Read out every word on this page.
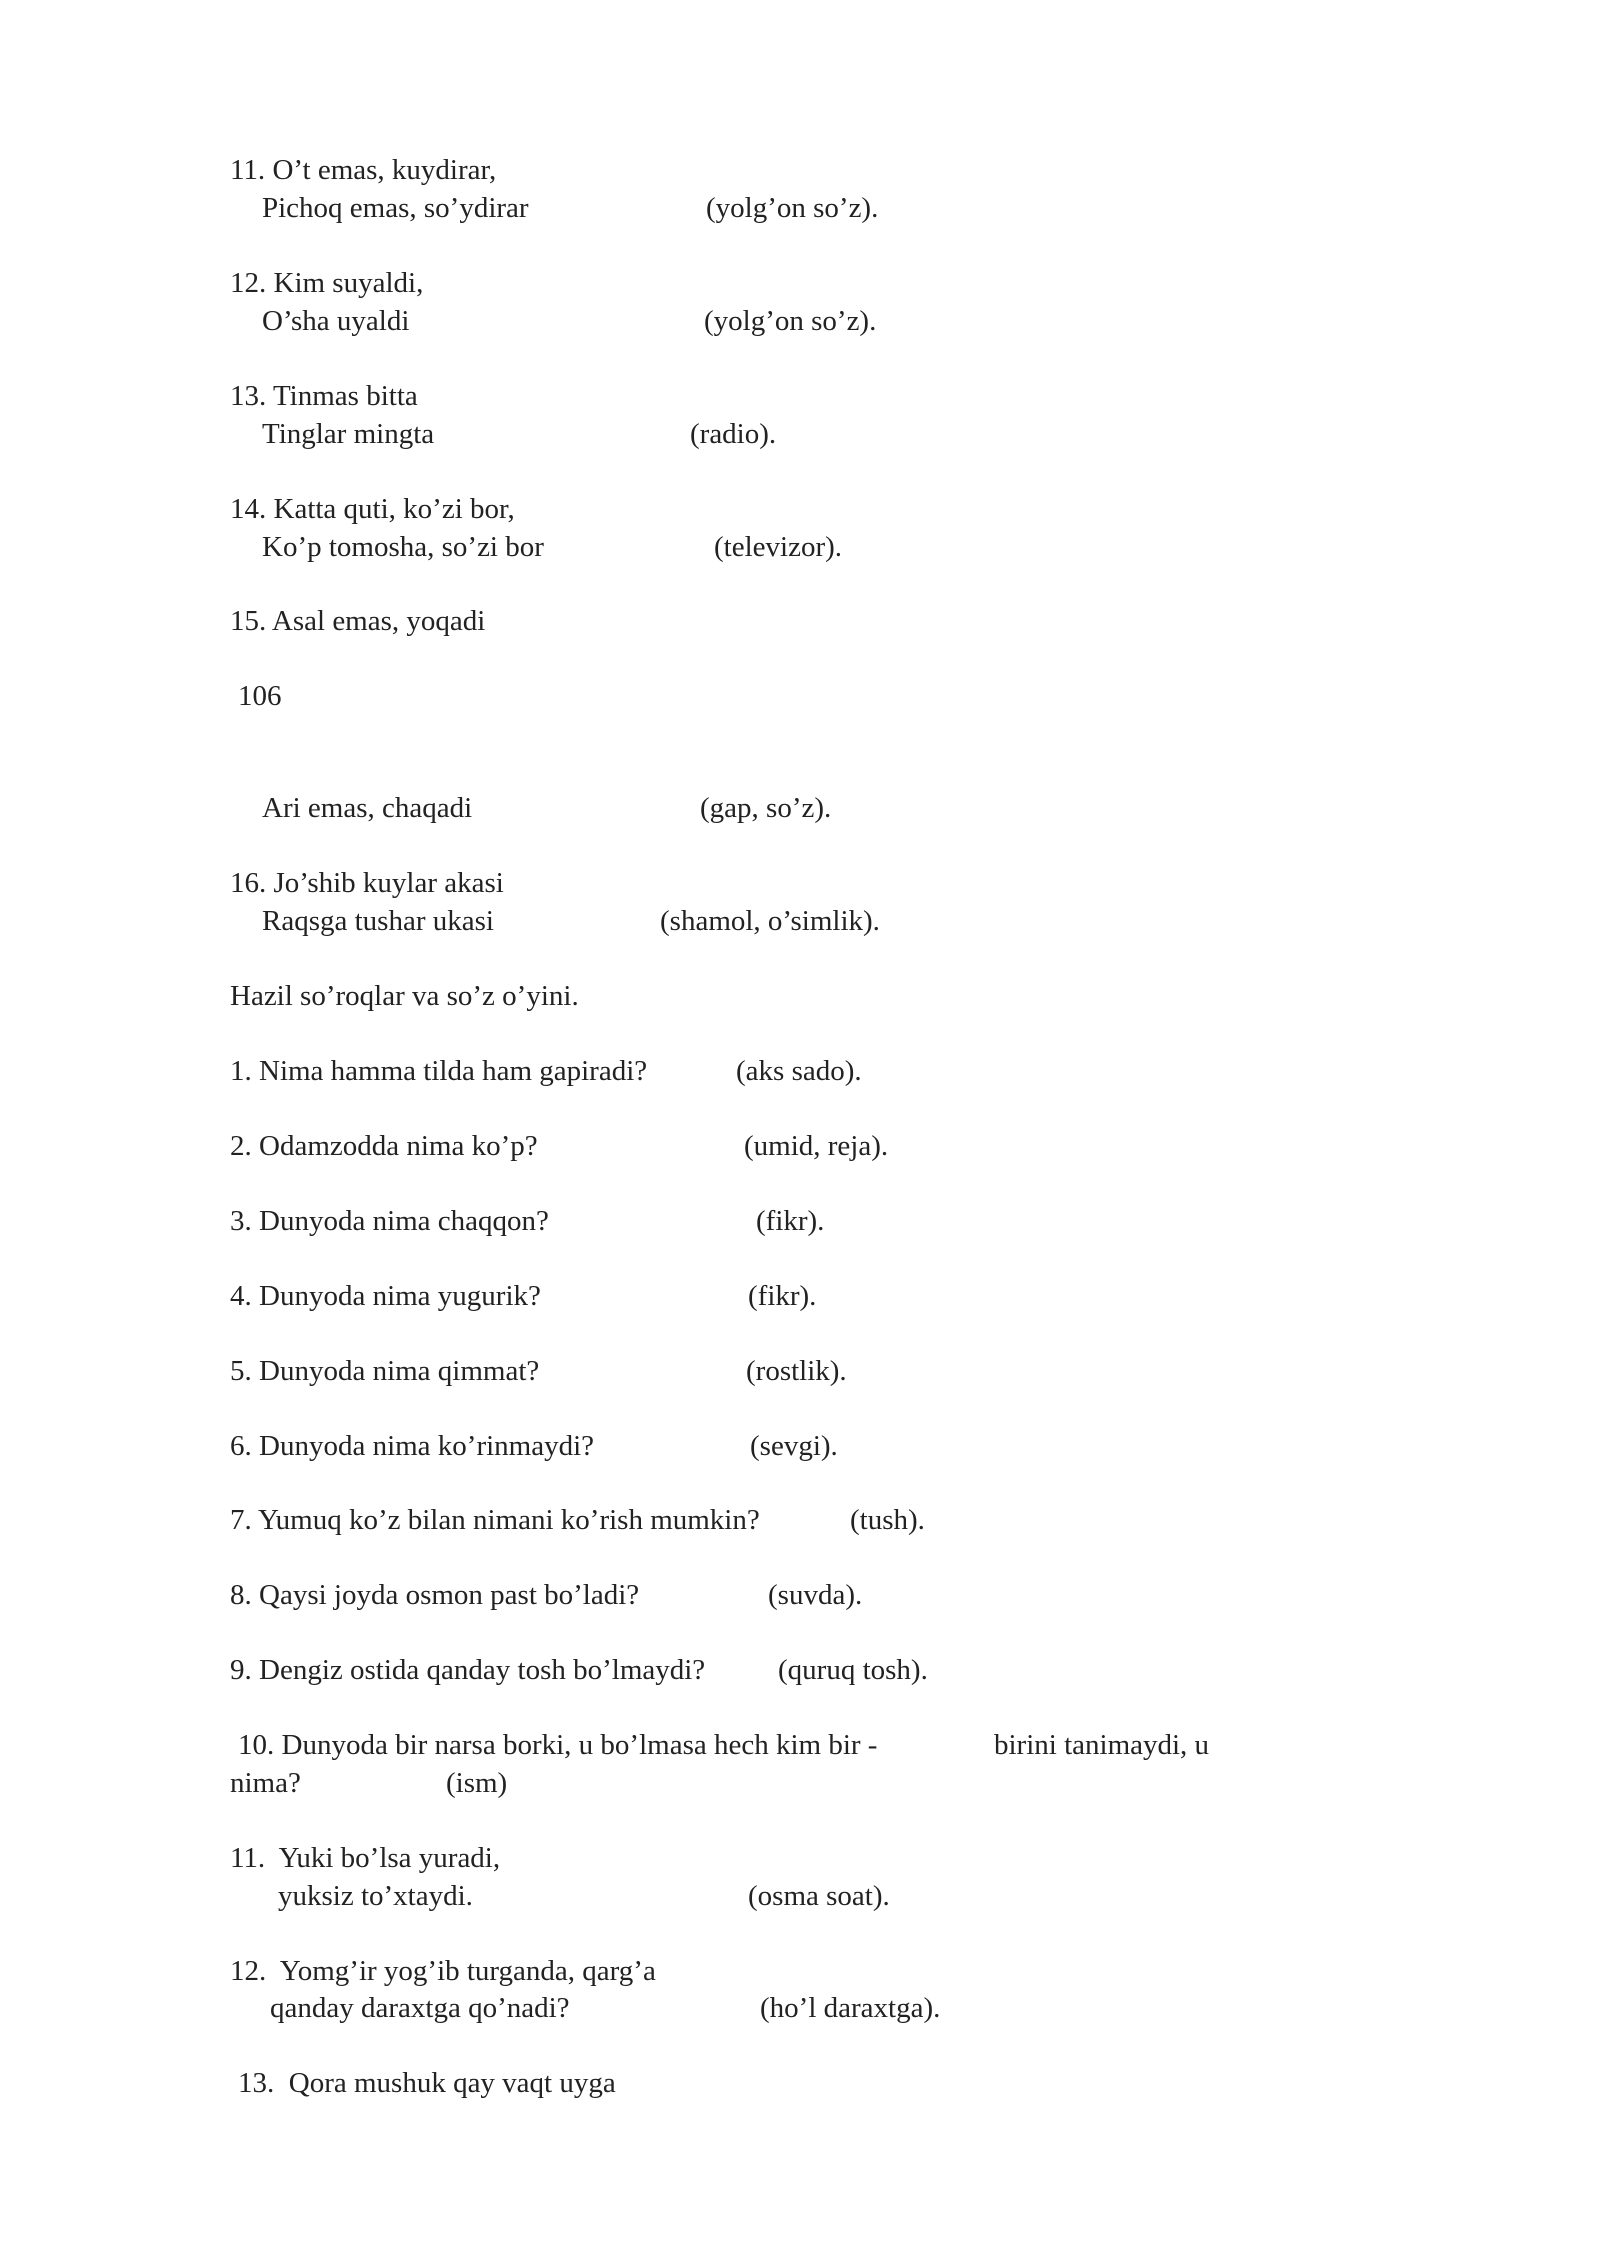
11. O’t emas, kuydirar,
Pichoq emas, so’ydirar	(yolg’on so’z).
12. Kim suyaldi,
O’sha uyaldi	(yolg’on so’z).
13. Tinmas bitta
Tinglar mingta	(radio).
14. Katta quti, ko’zi bor,
Ko’p tomosha, so’zi bor	(televizor).
15. Asal emas, yoqadi
106
Ari emas, chaqadi	(gap, so’z).
16. Jo’shib kuylar akasi
Raqsga tushar ukasi	(shamol, o’simlik).
Hazil so’roqlar va so’z o’yini.
1. Nima hamma tilda ham gapiradi?	(aks sado).
2. Odamzodda nima ko’p?	(umid, reja).
3. Dunyoda nima chaqqon?	(fikr).
4. Dunyoda nima yugurik?	(fikr).
5. Dunyoda nima qimmat?	(rostlik).
6. Dunyoda nima ko’rinmaydi?	(sevgi).
7. Yumuq ko’z bilan nimani ko’rish mumkin?	(tush).
8. Qaysi joyda osmon past bo’ladi?	(suvda).
9. Dengiz ostida qanday tosh bo’lmaydi?	(quruq tosh).
10. Dunyoda bir narsa borki, u bo’lmasa hech kim bir -	birini tanimaydi, u
nima?	(ism)
11. Yuki bo’lsa yuradi,
yuksiz to’xtaydi.	(osma soat).
12. Yomg’ir yog’ib turganda, qarg’a
qanday daraxtga qo’nadi?	(ho’l daraxtga).
13. Qora mushuk qay vaqt uyga
